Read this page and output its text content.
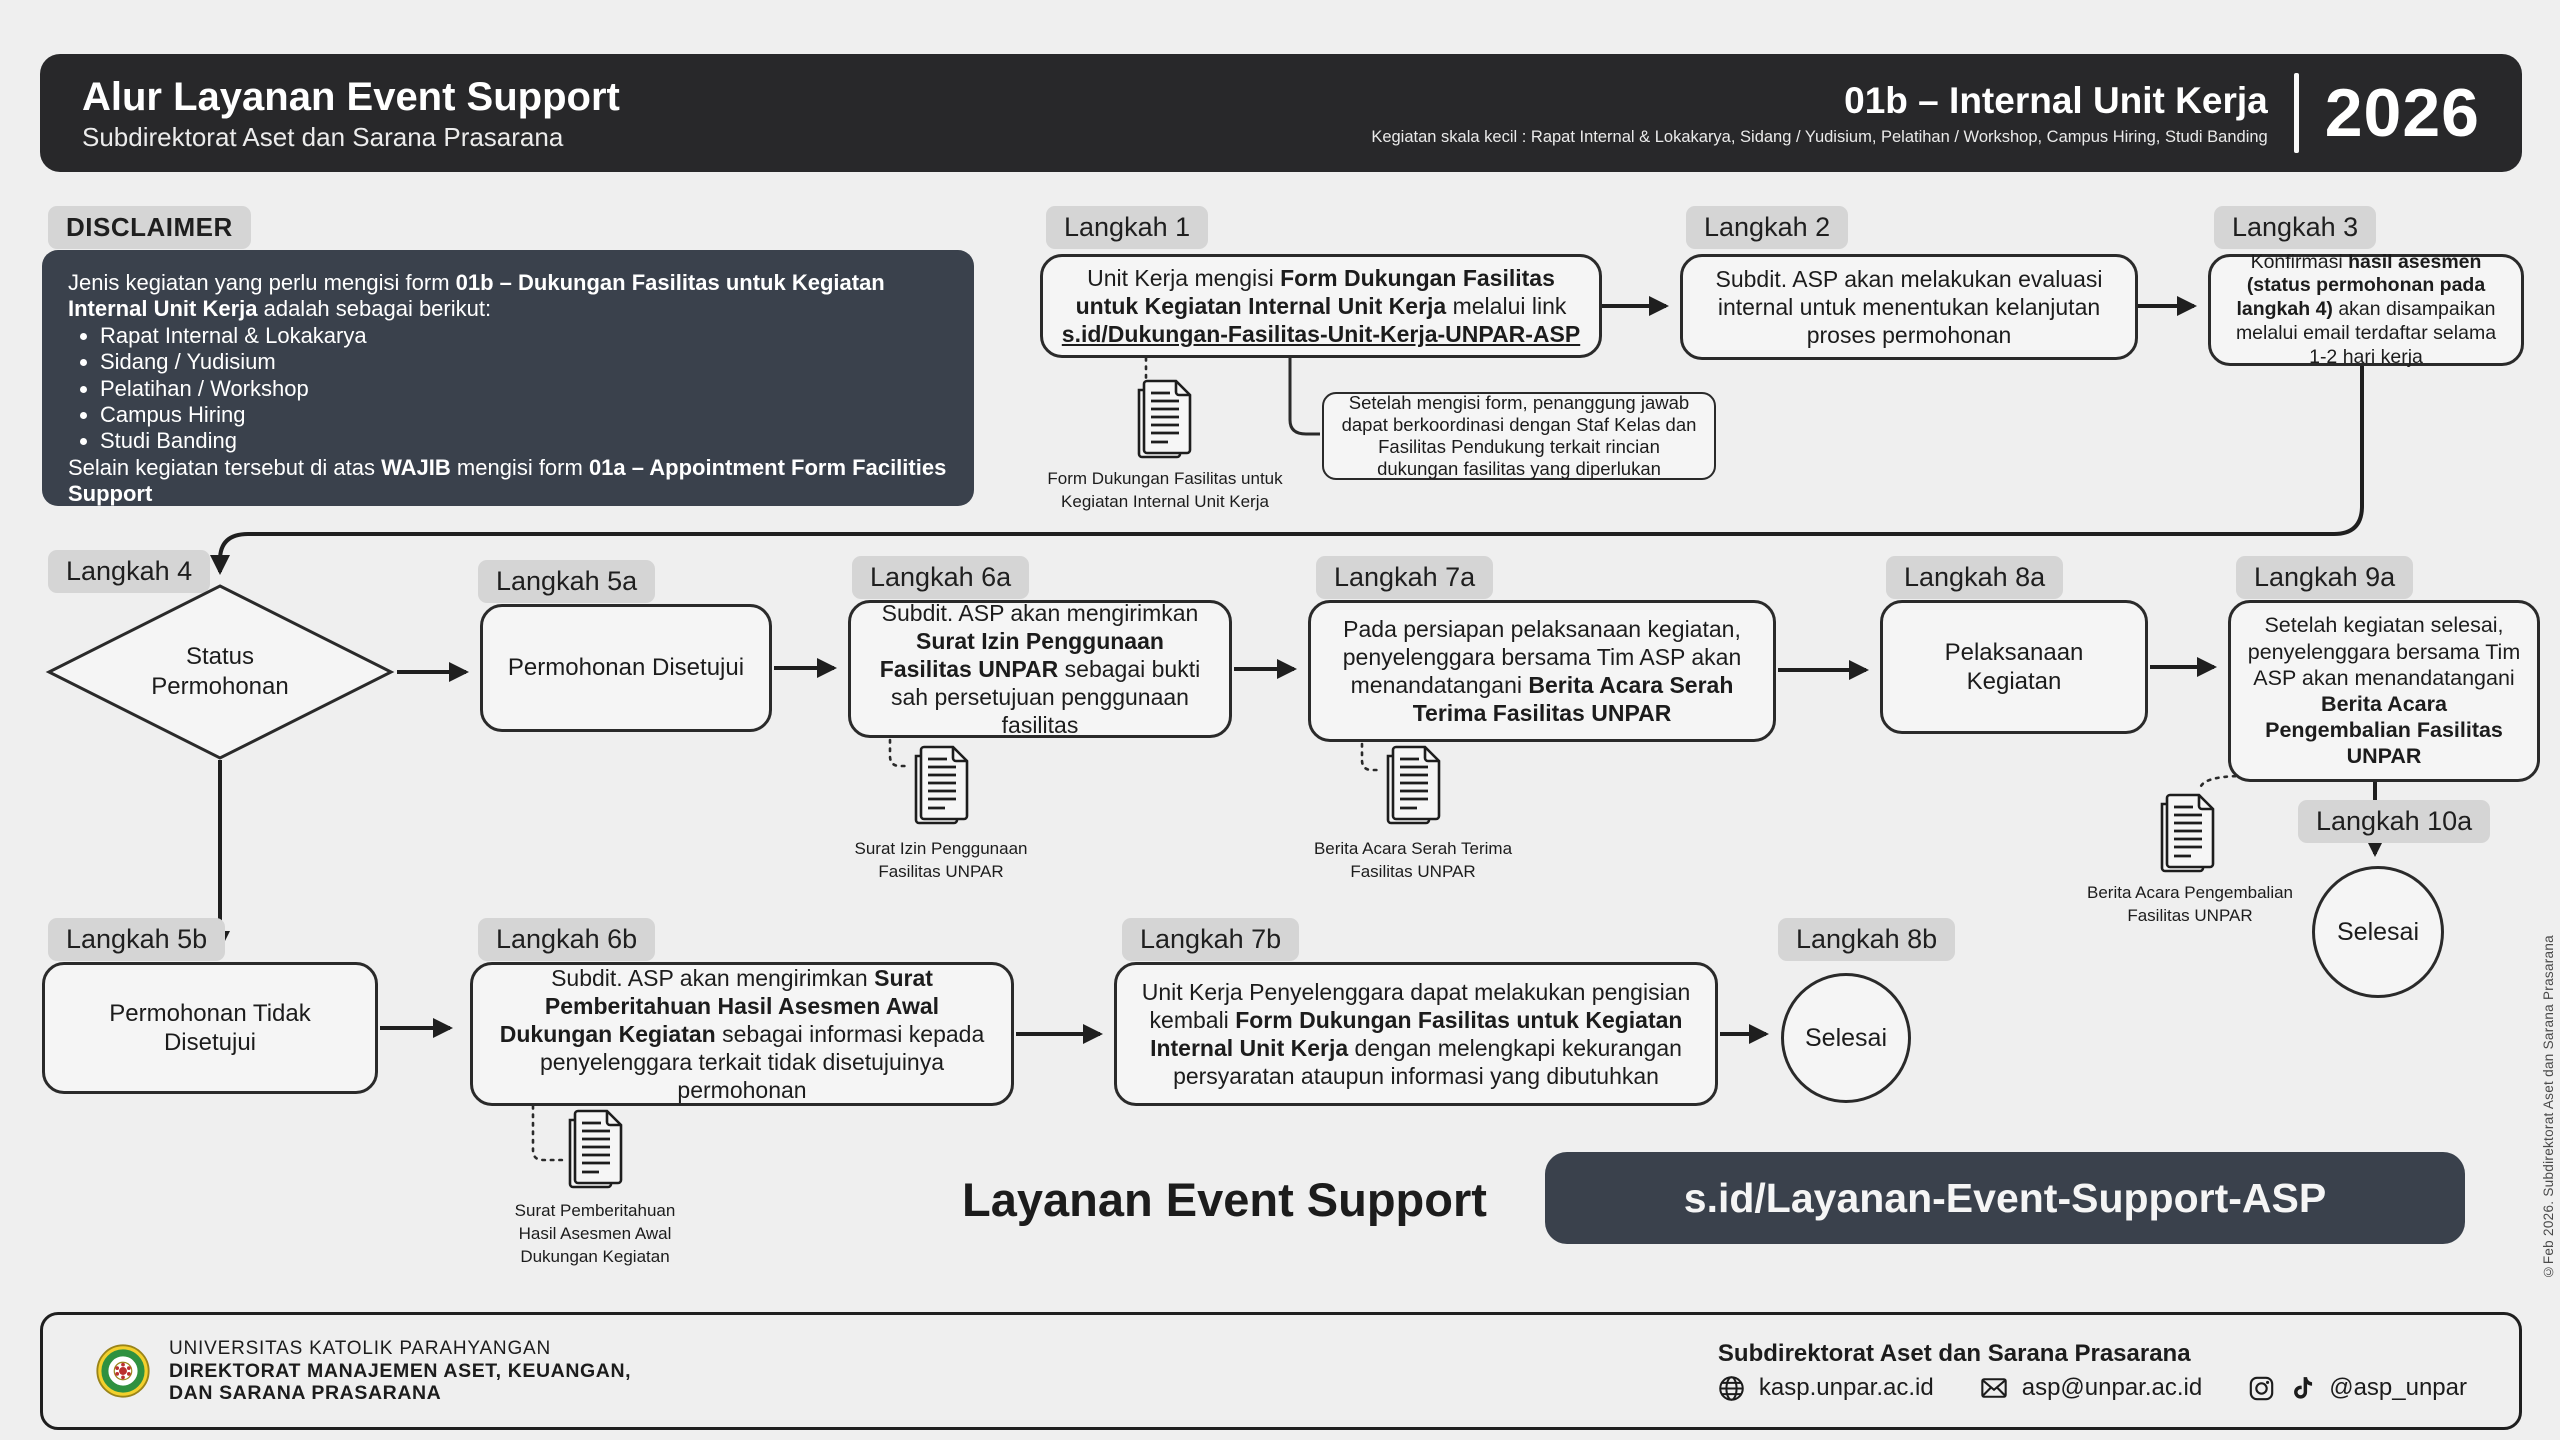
Alur Layanan Event Support
Subdirektorat Aset dan Sarana Prasarana
01b – Internal Unit Kerja
Kegiatan skala kecil : Rapat Internal & Lokakarya, Sidang / Yudisium, Pelatihan / Workshop, Campus Hiring, Studi Banding 2026
DISCLAIMER
Jenis kegiatan yang perlu mengisi form 01b – Dukungan Fasilitas untuk Kegiatan Internal Unit Kerja adalah sebagai berikut:
• Rapat Internal & Lokakarya
• Sidang / Yudisium
• Pelatihan / Workshop
• Campus Hiring
• Studi Banding
Selain kegiatan tersebut di atas WAJIB mengisi form 01a – Appointment Form Facilities Support
Langkah 1
Unit Kerja mengisi Form Dukungan Fasilitas untuk Kegiatan Internal Unit Kerja melalui link s.id/Dukungan-Fasilitas-Unit-Kerja-UNPAR-ASP
Langkah 2
Subdit. ASP akan melakukan evaluasi internal untuk menentukan kelanjutan proses permohonan
Langkah 3
Konfirmasi hasil asesmen (status permohonan pada langkah 4) akan disampaikan melalui email terdaftar selama 1-2 hari kerja
Form Dukungan Fasilitas untuk Kegiatan Internal Unit Kerja
Setelah mengisi form, penanggung jawab dapat berkoordinasi dengan Staf Kelas dan Fasilitas Pendukung terkait rincian dukungan fasilitas yang diperlukan
Langkah 4
Status Permohonan
Langkah 5a
Permohonan Disetujui
Langkah 6a
Subdit. ASP akan mengirimkan Surat Izin Penggunaan Fasilitas UNPAR sebagai bukti sah persetujuan penggunaan fasilitas
Langkah 7a
Pada persiapan pelaksanaan kegiatan, penyelenggara bersama Tim ASP akan menandatangani Berita Acara Serah Terima Fasilitas UNPAR
Langkah 8a
Pelaksanaan Kegiatan
Langkah 9a
Setelah kegiatan selesai, penyelenggara bersama Tim ASP akan menandatangani Berita Acara Pengembalian Fasilitas UNPAR
Surat Izin Penggunaan Fasilitas UNPAR
Berita Acara Serah Terima Fasilitas UNPAR
Berita Acara Pengembalian Fasilitas UNPAR
Langkah 10a
Selesai
Langkah 5b
Permohonan Tidak Disetujui
Langkah 6b
Subdit. ASP akan mengirimkan Surat Pemberitahuan Hasil Asesmen Awal Dukungan Kegiatan sebagai informasi kepada penyelenggara terkait tidak disetujuinya permohonan
Langkah 7b
Unit Kerja Penyelenggara dapat melakukan pengisian kembali Form Dukungan Fasilitas untuk Kegiatan Internal Unit Kerja dengan melengkapi kekurangan persyaratan ataupun informasi yang dibutuhkan
Langkah 8b
Selesai
Surat Pemberitahuan Hasil Asesmen Awal Dukungan Kegiatan
Layanan Event Support	s.id/Layanan-Event-Support-ASP
UNIVERSITAS KATOLIK PARAHYANGAN
DIREKTORAT MANAJEMEN ASET, KEUANGAN,
DAN SARANA PRASARANA
Subdirektorat Aset dan Sarana Prasarana
kasp.unpar.ac.id	asp@unpar.ac.id	@asp_unpar
©Feb 2026. Subdirektorat Aset dan Sarana Prasarana
